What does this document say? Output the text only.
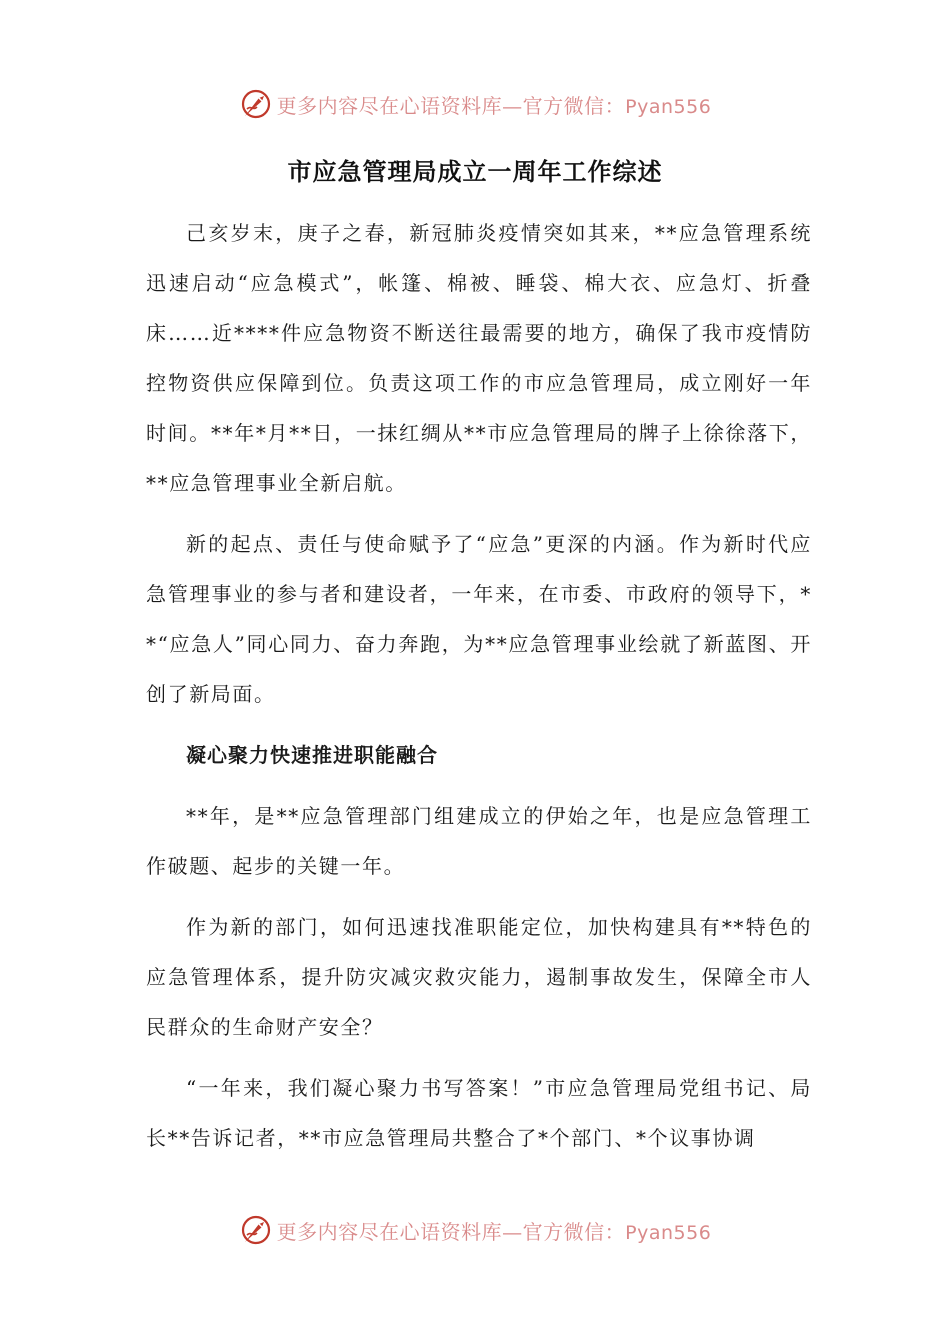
更多内容尽在心语资料库—官方微信：Pyan556
市应急管理局成立一周年工作综述

己亥岁末，庚子之春，新冠肺炎疫情突如其来，**应急管理系统迅速启动“应急模式”，帐篷、棉被、睡袋、棉大衣、应急灯、折叠床……近****件应急物资不断送往最需要的地方，确保了我市疫情防控物资供应保障到位。负责这项工作的市应急管理局，成立刚好一年时间。**年*月**日，一抹红绸从**市应急管理局的牌子上徐徐落下，**应急管理事业全新启航。

新的起点、责任与使命赋予了“应急”更深的内涵。作为新时代应急管理事业的参与者和建设者，一年来，在市委、市政府的领导下，**“应急人”同心同力、奋力奔跑，为**应急管理事业绘就了新蓝图、开创了新局面。

凝心聚力快速推进职能融合

**年，是**应急管理部门组建成立的伊始之年，也是应急管理工作破题、起步的关键一年。

作为新的部门，如何迅速找准职能定位，加快构建具有**特色的应急管理体系，提升防灾减灾救灾能力，遏制事故发生，保障全市人民群众的生命财产安全？

“一年来，我们凝心聚力书写答案！”市应急管理局党组书记、局长**告诉记者，**市应急管理局共整合了*个部门、*个议事协调

更多内容尽在心语资料库—官方微信：Pyan556
